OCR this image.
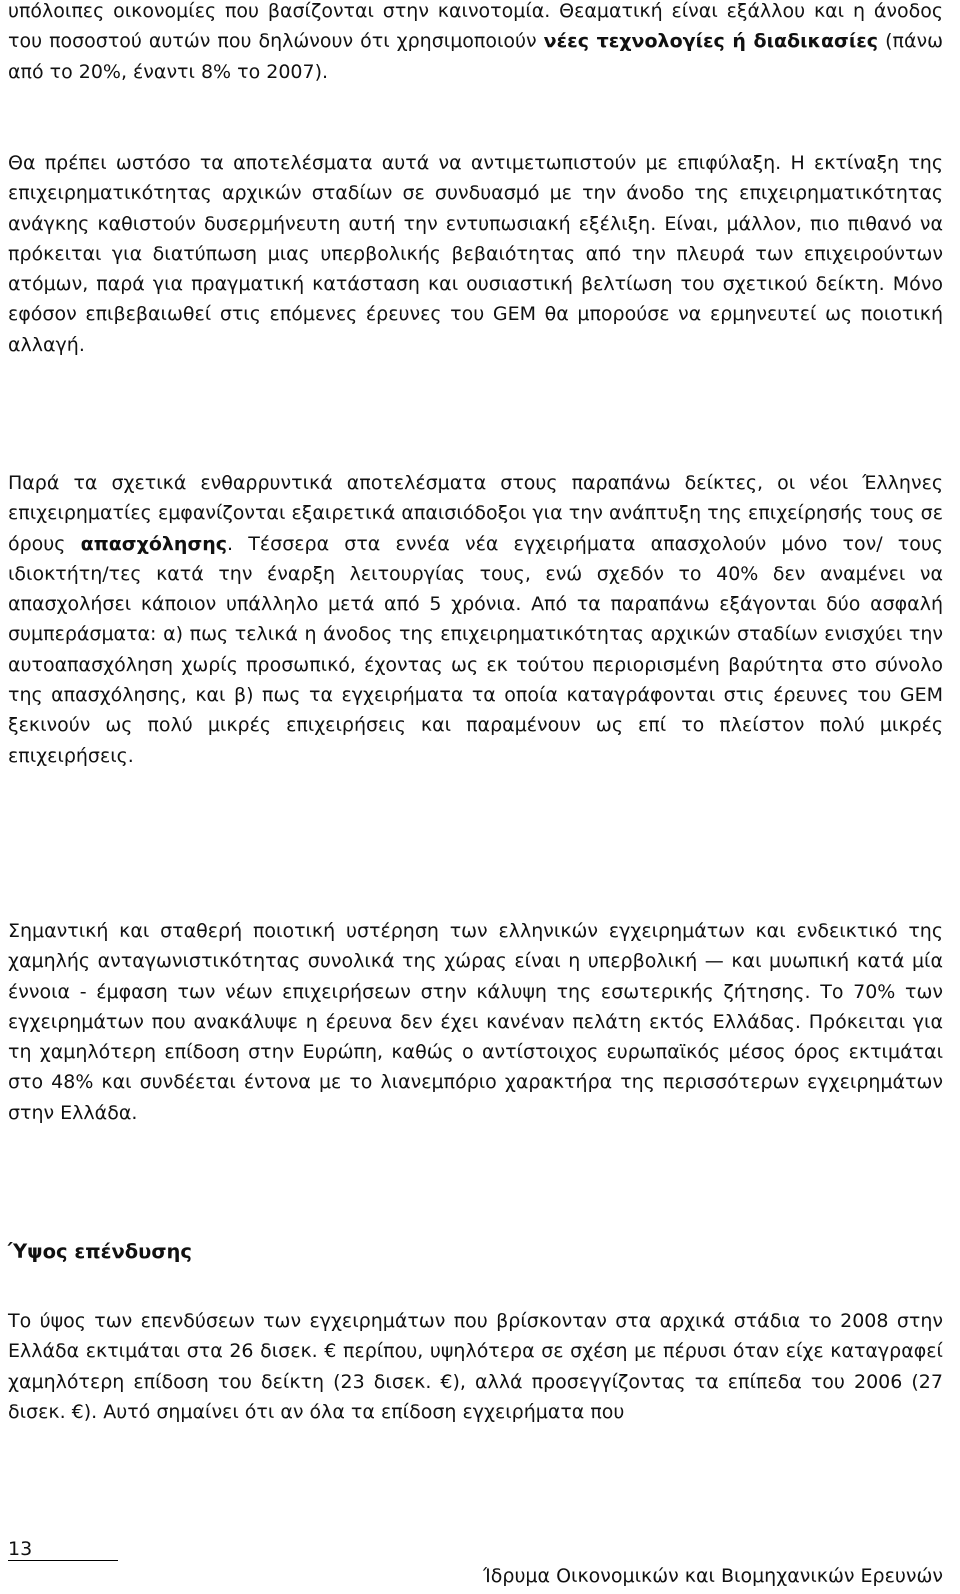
υπόλοιπες οικονομίες που βασίζονται στην καινοτομία. Θεαματική είναι εξάλλου και η άνοδος του ποσοστού αυτών που δηλώνουν ότι χρησιμοποιούν νέες τεχνολογίες ή διαδικασίες (πάνω από το 20%, έναντι 8% το 2007).

Θα πρέπει ωστόσο τα αποτελέσματα αυτά να αντιμετωπιστούν με επιφύλαξη. Η εκτίναξη της επιχειρηματικότητας αρχικών σταδίων σε συνδυασμό με την άνοδο της επιχειρηματικότητας ανάγκης καθιστούν δυσερμήνευτη αυτή την εντυπωσιακή εξέλιξη. Είναι, μάλλον, πιο πιθανό να πρόκειται για διατύπωση μιας υπερβολικής βεβαιότητας από την πλευρά των επιχειρούντων ατόμων, παρά για πραγματική κατάσταση και ουσιαστική βελτίωση του σχετικού δείκτη. Μόνο εφόσον επιβεβαιωθεί στις επόμενες έρευνες του GEM θα μπορούσε να ερμηνευτεί ως ποιοτική αλλαγή.

Παρά τα σχετικά ενθαρρυντικά αποτελέσματα στους παραπάνω δείκτες, οι νέοι Έλληνες επιχειρηματίες εμφανίζονται εξαιρετικά απαισιόδοξοι για την ανάπτυξη της επιχείρησής τους σε όρους απασχόλησης. Τέσσερα στα εννέα νέα εγχειρήματα απασχολούν μόνο τον/ τους ιδιοκτήτη/τες κατά την έναρξη λειτουργίας τους, ενώ σχεδόν το 40% δεν αναμένει να απασχολήσει κάποιον υπάλληλο μετά από 5 χρόνια. Από τα παραπάνω εξάγονται δύο ασφαλή συμπεράσματα: α) πως τελικά η άνοδος της επιχειρηματικότητας αρχικών σταδίων ενισχύει την αυτοαπασχόληση χωρίς προσωπικό, έχοντας ως εκ τούτου περιορισμένη βαρύτητα στο σύνολο της απασχόλησης, και β) πως τα εγχειρήματα τα οποία καταγράφονται στις έρευνες του GEM ξεκινούν ως πολύ μικρές επιχειρήσεις και παραμένουν ως επί το πλείστον πολύ μικρές επιχειρήσεις.

Σημαντική και σταθερή ποιοτική υστέρηση των ελληνικών εγχειρημάτων και ενδεικτικό της χαμηλής ανταγωνιστικότητας συνολικά της χώρας είναι η υπερβολική — και μυωπική κατά μία έννοια - έμφαση των νέων επιχειρήσεων στην κάλυψη της εσωτερικής ζήτησης. Το 70% των εγχειρημάτων που ανακάλυψε η έρευνα δεν έχει κανέναν πελάτη εκτός Ελλάδας. Πρόκειται για τη χαμηλότερη επίδοση στην Ευρώπη, καθώς ο αντίστοιχος ευρωπαϊκός μέσος όρος εκτιμάται στο 48% και συνδέεται έντονα με το λιανεμπόριο χαρακτήρα της περισσότερων εγχειρημάτων στην Ελλάδα.

Ύψος επένδυσης

Το ύψος των επενδύσεων των εγχειρημάτων που βρίσκονταν στα αρχικά στάδια το 2008 στην Ελλάδα εκτιμάται στα 26 δισεκ. € περίπου, υψηλότερα σε σχέση με πέρυσι όταν είχε καταγραφεί χαμηλότερη επίδοση του δείκτη (23 δισεκ. €), αλλά προσεγγίζοντας τα επίπεδα του 2006 (27 δισεκ. €). Αυτό σημαίνει ότι αν όλα τα επίδοση εγχειρήματα που

13

Ίδρυμα Οικονομικών και Βιομηχανικών Ερευνών
